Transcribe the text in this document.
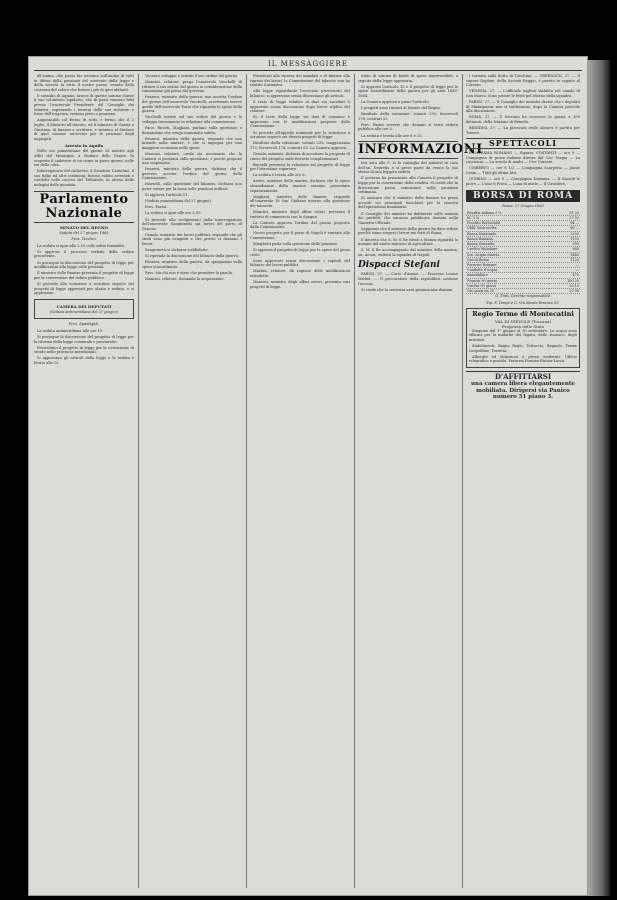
IL MESSAGGIERE

all'anima, che possa far nessuno sull'animo di tutti in difesa della pensione del esistente della legge e della società in tutto il nostro paese, venuta dalla costanza del colore che furono i più di quei abitanti.

Il sussidio di Aquino, invece di queste somme chiese il suo voluntario lapidario, che di passi vennero fatti presso l'onorevole Presidente del Consiglio dei Ministri, esponendo i termini delle sue richieste e forse dell'esigenza, restano privo a pensione.

Augurandoli col fermo di tutti, e fermo che il 2 luglio, il Ministro all'interno, ed il ministro di Grazia e Giustizia, di finanze e scritture, e vennero al Sindaco di quel comune un'avviso per le pensioni degli impiegati.

Arresto in Aquila

Nelle ore pomeridiane del giorno 26 mentre agli uffici del Municipio, a Sindaco delle Grazie, fu scoperto il cadavere di un uomo in pieno giorno, nelle vie della città.

Interrogatorio del cadavere, il Senatore Cantelmo, il suo figlio ed altri testimoni, furono subito arrestati e condotti nelle carceri del Tribunale, in attesa delle indagini della giustizia.

Parlamento Nazionale
SENATO DEL REGNO
Seduta del 27 giugno 1883
Pres. Tecchio.

La seduta si apre alle 2.15 colle solite formalità.

Si approva il processo verbale della seduta precedente.

Si prosegue la discussione del progetto di legge per modificazioni alla legge sulle pensioni.

Il ministro delle finanze presenta il progetto di legge per la conversione del debito pubblico.

Si procede alla votazione a scrutinio segreto dei progetti di legge approvati per alzata e seduta, e si approvano.

CAMERA DEI DEPUTATI
(Seduta antimeridiana del 27 giugno)
Pres. Spantigati.

La seduta antimeridiana alle ore 10.

Si prosegue la discussione del progetto di legge per la riforma della legge comunale e provinciale.

Presentano il progetto di legge per la costruzione di strade nelle provincie meridionali.

Si approvano gli articoli della legge e la seduta è levata alle 12.

Vennero sviluppo e sentire il suo ordine del giorno.

Mancini, relatore, prega l'onorevole Vacchelli di ritirare il suo ordine del giorno in considerazione della transazione già presa dal governo.

Pennesi, ministro della guerra, non accetta l'ordine del giorno dell'onorevole Vacchelli, accettando invece quello dell'onorevole Fazio che riguarda le spese della guerra.

Vacchelli insiste sul suo ordine del giorno e lo sviluppa brevemente in relazione alla commissione.

Pane, Ricotti, Magliani, parlano sulla questione e domandano che venga esaminata subito.

Pennesi, ministro della guerra, risponde che non intende nulla mutare, e che si impegna per una maggiore economia nelle spese.

Mancini, relatore, crede sia necessario che la Camera si pronunzi sulla questione, e perciò propone una sospensiva.

Pennesi, ministro della guerra, dichiara che il governo accetta l'ordine del giorno della Commissione.

Marselli, sulla questione del bilancio, dichiara non poter votare per la tassa sulle pensioni militari.

Si approva l'articolo 11.

(Seduta pomeridiana del 27 giugno)

Pres. Farini.

La seduta si apre alle ore 2.10.

Si procede allo svolgimento della interrogazione dell'onorevole Sanguinetti sui lavori del porto di Genova.

Genala, ministro dei lavori pubblici, risponde che gli studi sono già compiuti e che presto si daranno i lavori.

Sanguinetti si dichiara soddisfatto.

Si riprende la discussione del bilancio della guerra.

Pennesi, ministro della guerra, dà spiegazioni sulle spese straordinarie.

Pass. Ma chi non è stato che prendere la parola.

Mancini, relatore, domanda la sospensione.

Presidenti alla ripresa dei mandati o di finanze alla ripresa dei lavori, la Commissione del bilancio non ha sentito il ministro.

Alla legge riguardante l'esercizio provvisorio del bilancio, si approvano senza discussione gli articoli.

Il testo di legge relativo ai dazi sui zuccheri è approvato senza discussione dopo breve replica del relatore.

Sì, il testo della legge sui dazi di consumo è approvato con le modificazioni proposte dalla Commissione.

Si procede all'appello nominale per la votazione a scrutinio segreto sui diversi progetti di legge.

Risultato della votazione: votanti 229, maggioranza 115, favorevoli 174, contrari 55. La Camera approva.

Genala, ministro, dichiara di accettare la proposta di rinvio del progetto sulle ferrovie complementari.

Baccelli presenta la relazione sul progetto di legge per l'istruzione superiore.

La seduta è levata alle ore 6.

Arrivo, ministro della marina, dichiara che le spese straordinarie della marina saranno presentate separatamente.

Magliani, ministro delle finanze, risponde all'onorevole Di San Giuliano intorno alla questione dei tabacchi.

Mancini, ministro degli affari esteri, presenta il trattato di commercio con la Spagna.

La Camera approva l'ordine del giorno proposto dalla Commissione.

Nuovo progetto per il porto di Napoli è rinviato alla Commissione.

Minghetti parla sulla questione delle pensioni.

Si approva il progetto di legge per le spese del genio civile.

Sono approvati senza discussione i capitoli del bilancio dei lavori pubblici.

Martini, relatore, dà ragione delle modificazioni introdotte.

Mancini, ministro degli affari esteri, presenta vari progetti di legge.

Stato di somme di fondo di spese imprevedibili, a seguito della legge approvata.

Si approva l'articolo 10 e il progetto di legge per le spese straordinarie della guerra per gli anni 1883-1884.

La Camera approva a pieno l'articolo.

I progetti sono rinviati al Senato del Regno.

Risultato della votazione: votanti 230, favorevoli 178, contrari 52.

Pres. Farini avverte che domani si terrà seduta pubblica alle ore 2.

La seduta è levata alle ore 6 e 25.

INFORMAZIONI

Ieri sera alle 9, si fu consiglio dei ministri in casa dell'on. Depretis e si prese parte da venne la sua stessa di una leggera seduta.

Il governo ha presentato alla Camera il progetto di legge per la conversione della rendita. Si crede che la discussione possa cominciare nella prossima settimana.

Si assicura che il ministro delle finanze ha preso accordi coi principali banchieri per la riuscita dell'operazione finanziaria.

Il Consiglio dei ministri ha deliberato sulle nomine dei prefetti, che saranno pubblicate domani nella Gazzetta Ufficiale.

Sappiamo che il ministro della guerra ha dato ordine perché siano sospesi i lavori nei forti di Roma.

Il decreto che S. M. il Re firmò a Monza riguarda la nomina del nuovo ministro di agricoltura.

S. M. il Re accompagnato dal ministro della marina, on. Acton, visiterà la squadra di Napoli.

Dispacci Stefani

PARIGI, 27. — Corte d'Assise. — Processo Louise Michel. — Il procuratore della repubblica sostiene l'accusa.

Si crede che la sentenza sarà pronunciata domani.

I torinesi sulla flotta di Tonchino. — GREENOCK, 27. — Il vapore Daphne, della Società Reggio, è partito in seguito al Corsaro.

VENEZIA, 27. — L'ufficiale inglese stabilito nel canale di San Marco. Sono pronte le feste pel ritorno della squadra.

PARIGI, 27. — Il Consiglio dei ministri decise che i deputati di Madagascar non si tratteranno; dopo la Camera procede alla discussione.

ROMA, 27. — Il Sovrano ha concesso la grazia a 100 detenuti, della Nazione di Beneda.

BRINDISI, 27. — La piroscafo reale Alvarez è partito per Trieste.

SPETTACOLI

POLITEAMA ROMANO — Sipario. COSTANZI — ore 9 — Compagnia di prosa italiana diretta dal Cav. Stagio — La coscienza — La scuola di madri — Une Cravate.

UMBERTO — ore 8 1/2 — Compagnia Scarpetta — Jinnie Lenin — Tutti gli ultimi Atti.

QUIRINO — ore 9 — Compagnia Dramma. — Il Sassofi le piove — L'uno ti Prova — Luna di miele — Il Cavaliere.

BORSA DI ROMA
Roma, 27 Giugno 1883
Rendita italiana 5 %	91 25
Id. 3 %	57 50
Prestito Rothschild	94 —
Obbl. beni eccles.	96 —
Banca Nazionale	2250
Banca Romana	1150
Banca Generale	590
Credito Mobiliare	885
Soc. Acqua Marcia	1460
Gas di Roma	1120
Ferrovie Romane	—
Condotte d'acqua	—
Immobiliare	470
Francia 90 giorni	100 25
Londra 90 giorni	25 10
Oro pezzi da 20	20 08
G. Tinti, Gerente responsabile.
Tip. F. Tempi e C. Via Monte Brianzo 53.
Regio Terme di Montecatini
VAL DI NIEVOLE (Toscana)
Proprietà dello Stato

Stagione dal 1° giugno al 30 settembre. Le acque sono efficaci per le malattie del fegato, dello stomaco, degli intestini.

Stabilimenti: Bagno Regio, Tettuccio, Bagnolo, Terme Leopoldine, Torretta.

Alberghi ed abitazioni a prezzi moderati. Ufficio telegrafico e postale. Ferrovia Firenze-Pistoia-Lucca.

D'AFFITTARSI
una camera libera elegantemente mobiliata. Dirigersi via Panico numero 51 piano 3.
